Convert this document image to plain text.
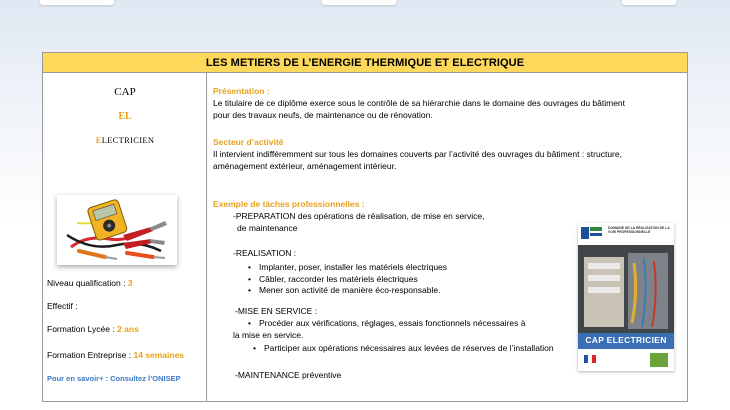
LES METIERS DE L’ENERGIE THERMIQUE ET ELECTRIQUE
CAP
EL
ELECTRICIEN
Niveau qualification : 3
Effectif :
Formation Lycée : 2 ans
Formation Entreprise : 14 semaines
Pour en savoir+ : Consultez l’ONISEP
Présentation :
Le titulaire de ce diplôme exerce sous le contrôle de sa hiérarchie dans le domaine des ouvrages du bâtiment
pour des travaux neufs, de maintenance ou de rénovation.
Secteur d’activité
Il intervient indifféremment sur tous les domaines couverts par l’activité des ouvrages du bâtiment : structure,
aménagement extérieur, aménagement intérieur.
Exemple de tâches professionnelles :
-PREPARATION des opérations de réalisation, de mise en service,
de maintenance
-REALISATION :
• Implanter, poser, installer les matériels électriques
• Câbler, raccorder les matériels électriques
• Mener son activité de manière éco-responsable.
-MISE EN SERVICE :
• Procéder aux vérifications, réglages, essais fonctionnels nécessaires à
la mise en service.
• Participer aux opérations nécessaires aux levées de réserves de l’installation
-MAINTENANCE préventive
DOMAINE DE LA RÉALISATION DE LA VOIE PROFESSIONNELLE
CAP ELECTRICIEN
